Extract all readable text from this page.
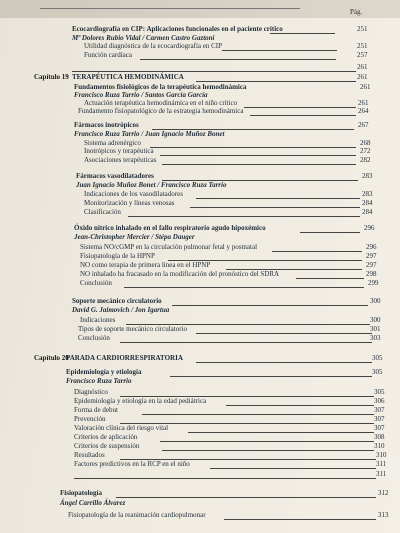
Pág.
Ecocardiografía en CIP: Aplicaciones funcionales en el paciente crítico	251
Mª Dolores Rubio Vidal / Carmen Castro Gaztoni
Utilidad diagnóstica de la ecocardiografía en CIP	251
Función cardíaca	257
261
Capítulo 19 TERAPÉUTICA HEMODINÁMICA	261
Fundamentos fisiológicos de la terapéutica hemodinámica	261
Francisco Ruza Tarrio / Santos García García
Actuación terapéutica hemodinámica en el niño crítico	261
Fundamento fisiopatológico de la estrategia hemodinámica	264
Fármacos inotrópicos	267
Francisco Ruza Tarrio / Juan Ignacio Muñoz Bonet
Sistema adrenérgico	268
Inotrópicos y terapéutica	272
Asociaciones terapéuticas	282
Fármacos vasodilatadores	283
Juan Ignacio Muñoz Bonet / Francisco Ruza Tarrio
Indicaciones de los vasodilatadores	283
Monitorización y líneas venosas	284
Clasificación	284
Óxido nítrico inhalado en el fallo respiratorio agudo hipoxémico	296
Jean-Christopher Mercier / Stépa Dauger
Sistema NO/cGMP en la circulación pulmonar fetal y postnatal	296
Fisiopatología de la HPNP	297
NO como terapia de primera línea en el HPNP	297
NO inhalado ha fracasado en la modificación del pronóstico del SDRA	298
Conclusión	299
Soporte mecánico circulatorio	300
David G. Jaimovich / Jon Igartua
Indicaciones	300
Tipos de soporte mecánico circulatorio	301
Conclusión	303
Capítulo 20
PARADA CARDIORRESPIRATORIA	305
Epidemiología y etiología	305
Francisco Ruza Tarrio
Diagnóstico	305
Epidemiología y etiología en la edad pediátrica	306
Forma de debut	307
Prevención	307
Valoración clínica del riesgo vital	307
Criterios de aplicación	308
Criterios de suspensión	310
Resultados	310
Factores predictivos en la RCP en el niño	311
311
Fisiopatología	312
Ángel Carrillo Álvarez
Fisiopatología de la reanimación cardiopulmonar	313
